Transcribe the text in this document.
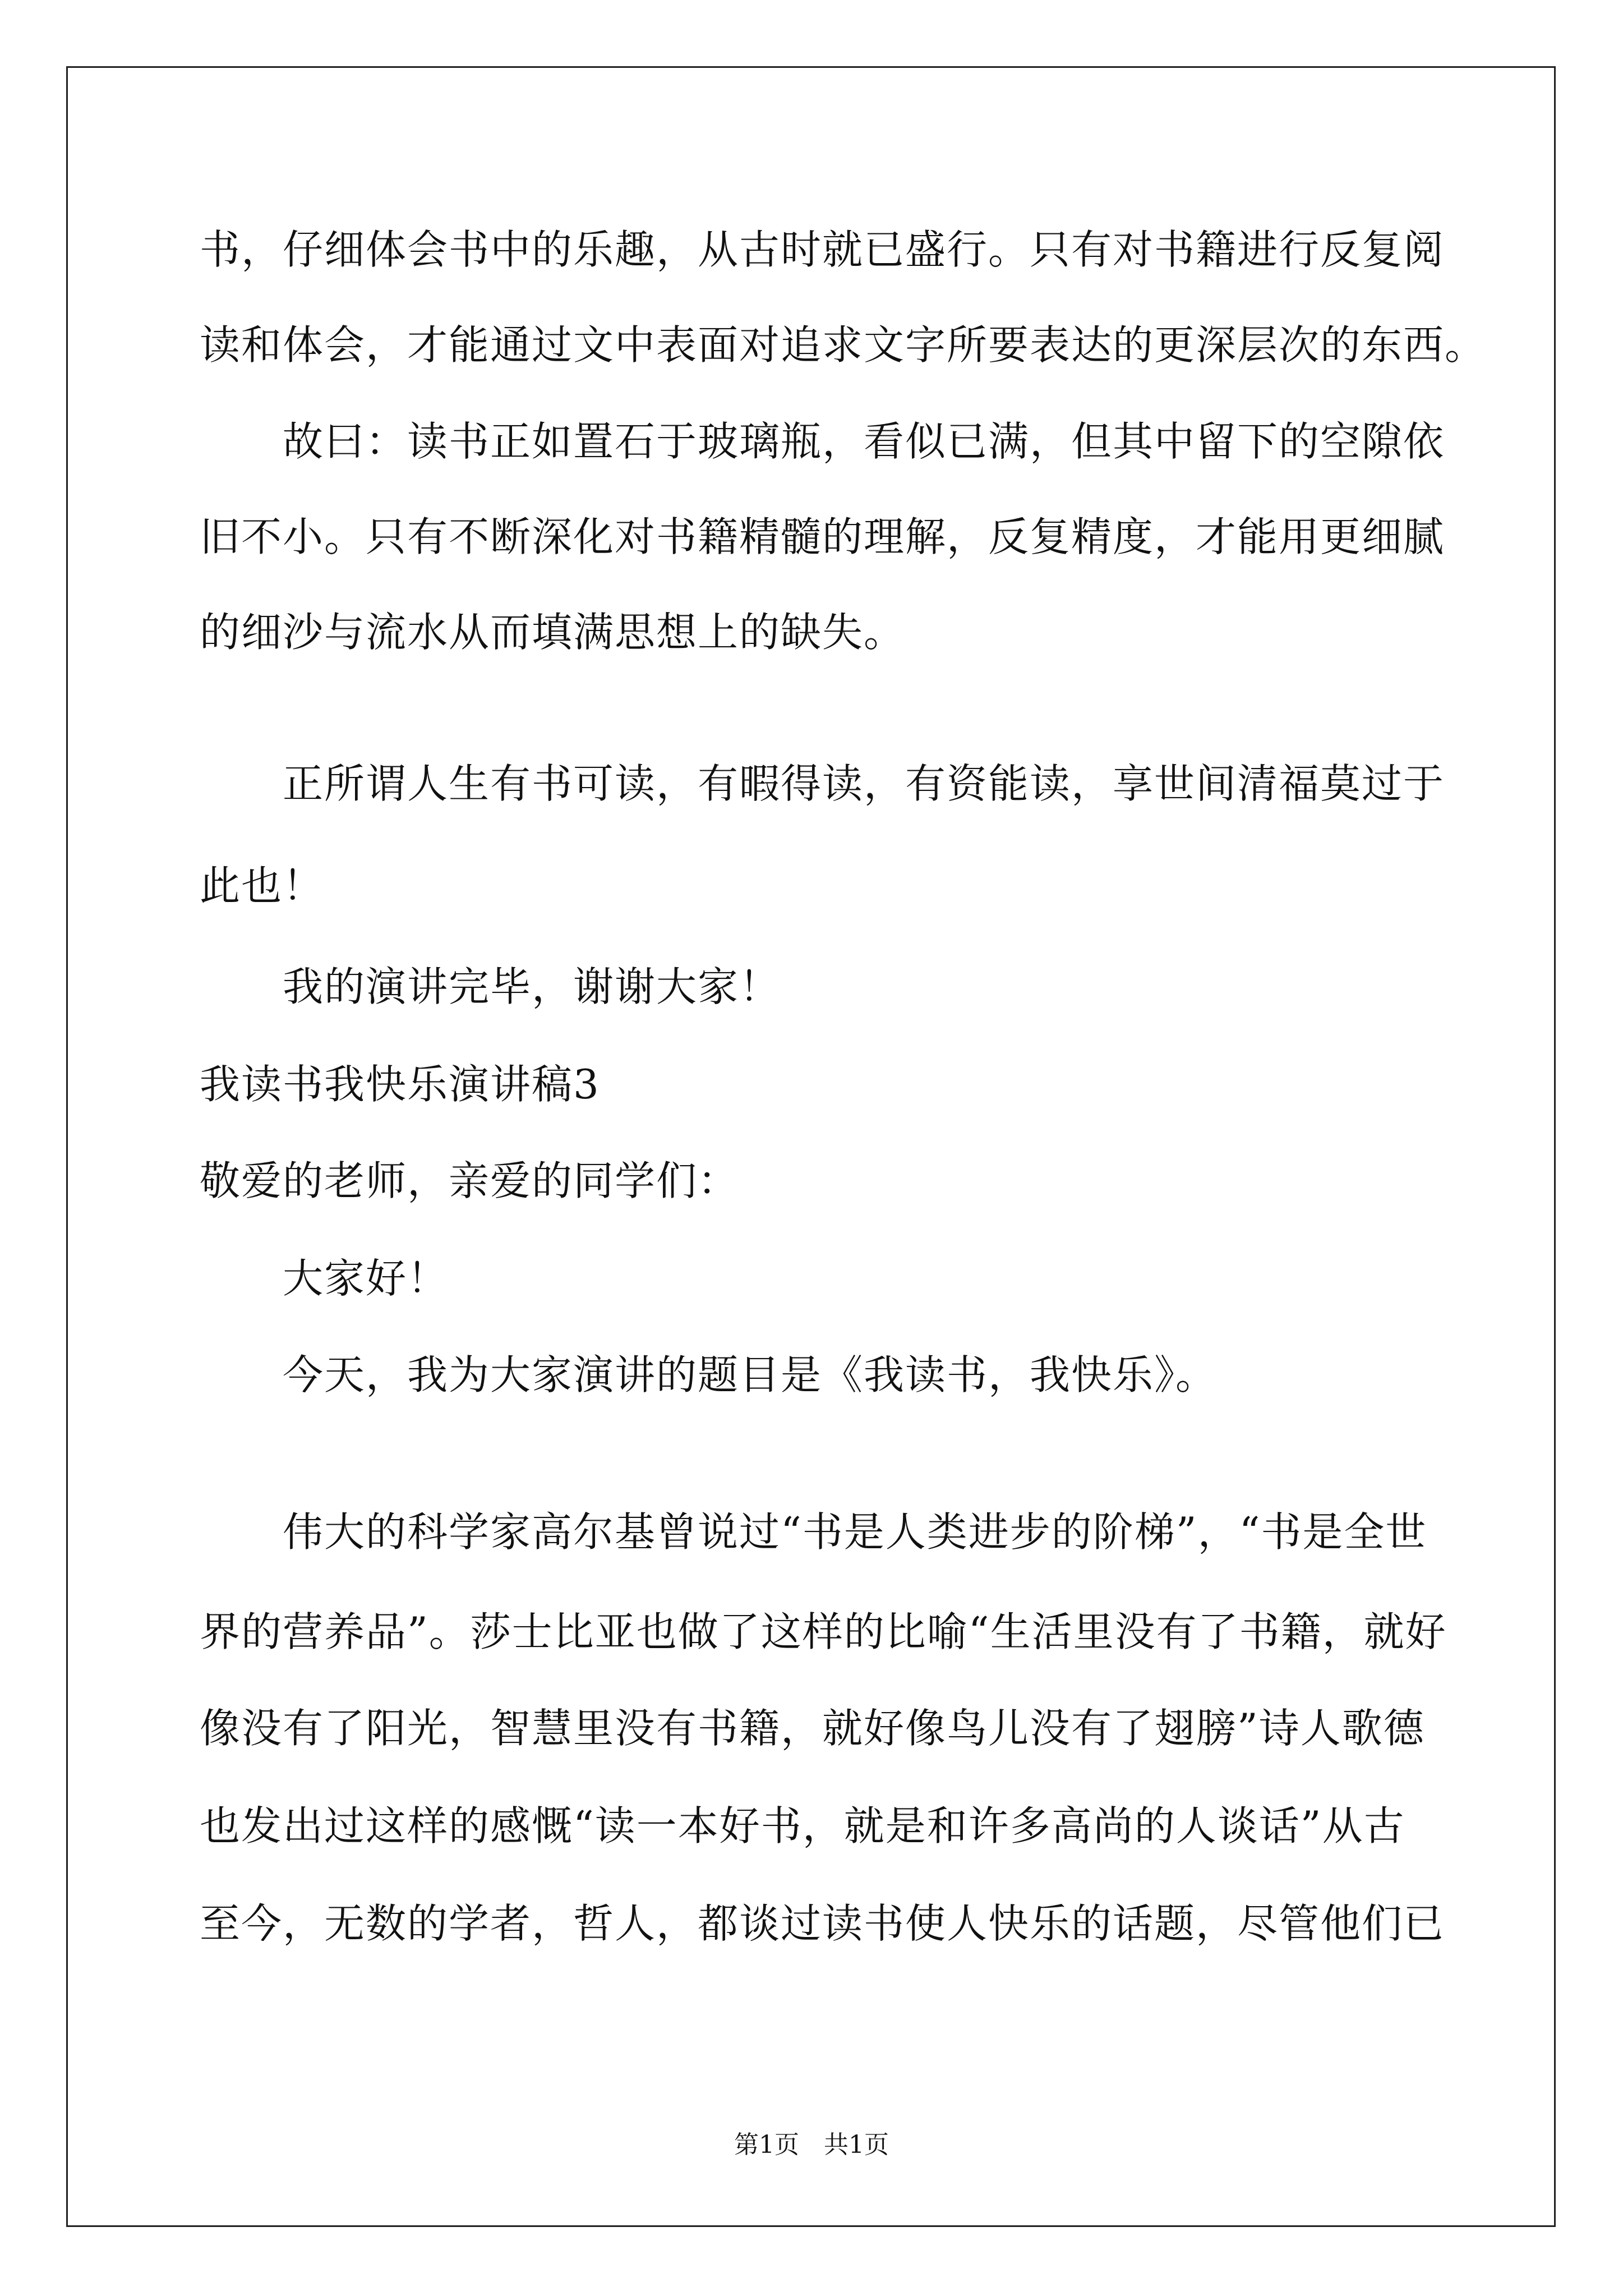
书，仔细体会书中的乐趣，从古时就已盛行。只有对书籍进行反复阅
读和体会，才能通过文中表面对追求文字所要表达的更深层次的东西。
故曰：读书正如置石于玻璃瓶，看似已满，但其中留下的空隙依
旧不小。只有不断深化对书籍精髓的理解，反复精度，才能用更细腻
的细沙与流水从而填满思想上的缺失。
正所谓人生有书可读，有暇得读，有资能读，享世间清福莫过于
此也！
我的演讲完毕，谢谢大家！
我读书我快乐演讲稿3
敬爱的老师，亲爱的同学们：
大家好！
今天，我为大家演讲的题目是《我读书，我快乐》。
伟大的科学家高尔基曾说过“书是人类进步的阶梯”，“书是全世
界的营养品”。莎士比亚也做了这样的比喻“生活里没有了书籍，就好
像没有了阳光，智慧里没有书籍，就好像鸟儿没有了翅膀”诗人歌德
也发出过这样的感慨“读一本好书，就是和许多高尚的人谈话”从古
至今，无数的学者，哲人，都谈过读书使人快乐的话题，尽管他们已
第1页　共1页
